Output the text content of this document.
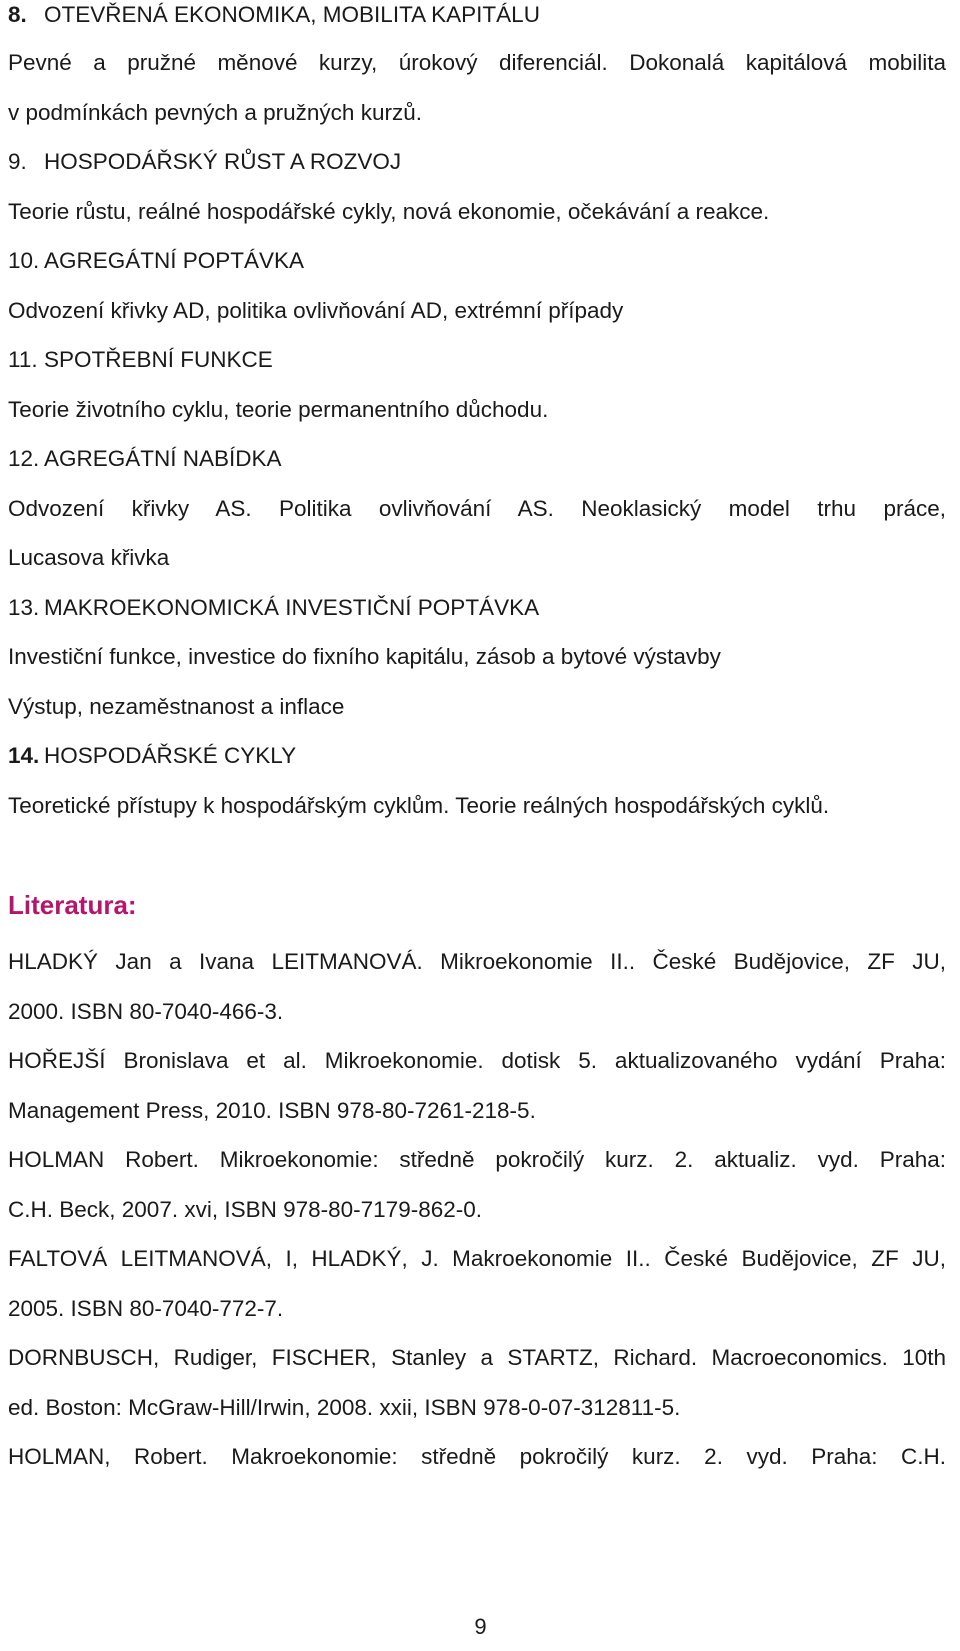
8. OTEVŘENÁ EKONOMIKA, MOBILITA KAPITÁLU
Pevné a pružné měnové kurzy, úrokový diferenciál. Dokonalá kapitálová mobilita
v podmínkách pevných a pružných kurzů.
9. HOSPODÁŘSKÝ RŮST A ROZVOJ
Teorie růstu, reálné hospodářské cykly, nová ekonomie, očekávání a reakce.
10. AGREGÁTNÍ POPTÁVKA
Odvození křivky AD, politika ovlivňování AD, extrémní případy
11. SPOTŘEBNÍ FUNKCE
Teorie životního cyklu, teorie permanentního důchodu.
12. AGREGÁTNÍ NABÍDKA
Odvození křivky AS. Politika ovlivňování AS. Neoklasický model trhu práce,
Lucasova křivka
13. MAKROEKONOMICKÁ INVESTIČNÍ POPTÁVKA
Investiční funkce, investice do fixního kapitálu, zásob a bytové výstavby
Výstup, nezaměstnanost a inflace
14. HOSPODÁŘSKÉ CYKLY
Teoretické přístupy k hospodářským cyklům. Teorie reálných hospodářských cyklů.
Literatura:
HLADKÝ Jan a Ivana LEITMANOVÁ. Mikroekonomie II.. České Budějovice, ZF JU,
2000. ISBN 80-7040-466-3.
HOŘEJŠÍ Bronislava et al. Mikroekonomie. dotisk 5. aktualizovaného vydání Praha:
Management Press, 2010. ISBN 978-80-7261-218-5.
HOLMAN Robert. Mikroekonomie: středně pokročilý kurz. 2. aktualiz. vyd. Praha:
C.H. Beck, 2007. xvi, ISBN 978-80-7179-862-0.
FALTOVÁ LEITMANOVÁ, I, HLADKÝ, J. Makroekonomie II.. České Budějovice, ZF JU,
2005. ISBN 80-7040-772-7.
DORNBUSCH, Rudiger, FISCHER, Stanley a STARTZ, Richard. Macroeconomics. 10th
ed. Boston: McGraw-Hill/Irwin, 2008. xxii, ISBN 978-0-07-312811-5.
HOLMAN, Robert. Makroekonomie: středně pokročilý kurz. 2. vyd. Praha: C.H.
9
